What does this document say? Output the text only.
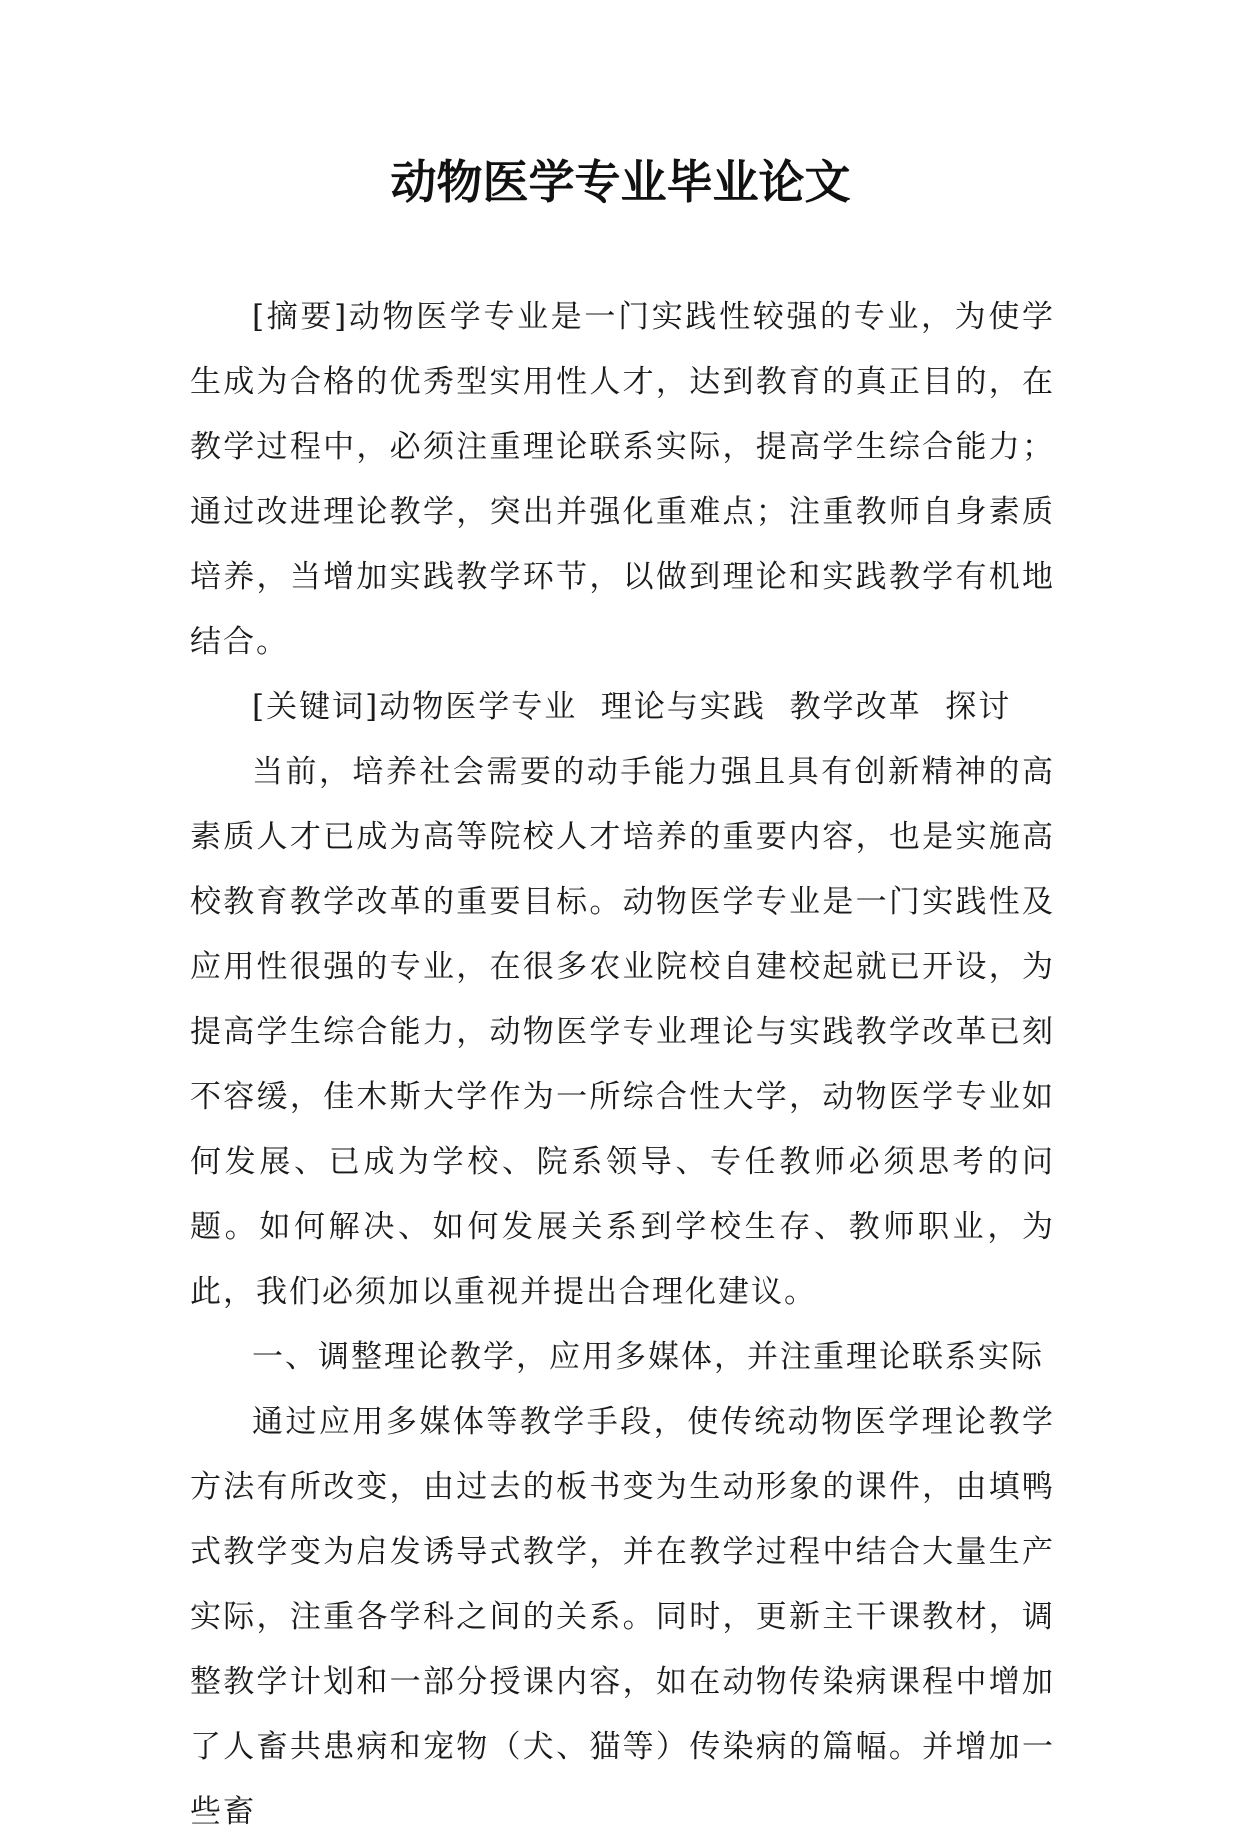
动物医学专业毕业论文

[摘要]动物医学专业是一门实践性较强的专业，为使学生成为合格的优秀型实用性人才，达到教育的真正目的，在教学过程中，必须注重理论联系实际，提高学生综合能力；通过改进理论教学，突出并强化重难点；注重教师自身素质培养，当增加实践教学环节，以做到理论和实践教学有机地结合。

[关键词]动物医学专业  理论与实践  教学改革  探讨

当前，培养社会需要的动手能力强且具有创新精神的高素质人才已成为高等院校人才培养的重要内容，也是实施高校教育教学改革的重要目标。动物医学专业是一门实践性及应用性很强的专业，在很多农业院校自建校起就已开设，为提高学生综合能力，动物医学专业理论与实践教学改革已刻不容缓，佳木斯大学作为一所综合性大学，动物医学专业如何发展、已成为学校、院系领导、专任教师必须思考的问题。如何解决、如何发展关系到学校生存、教师职业，为此，我们必须加以重视并提出合理化建议。

一、调整理论教学，应用多媒体，并注重理论联系实际

通过应用多媒体等教学手段，使传统动物医学理论教学方法有所改变，由过去的板书变为生动形象的课件，由填鸭式教学变为启发诱导式教学，并在教学过程中结合大量生产实际，注重各学科之间的关系。同时，更新主干课教材，调整教学计划和一部分授课内容，如在动物传染病课程中增加了人畜共患病和宠物（犬、猫等）传染病的篇幅。并增加一些畜
